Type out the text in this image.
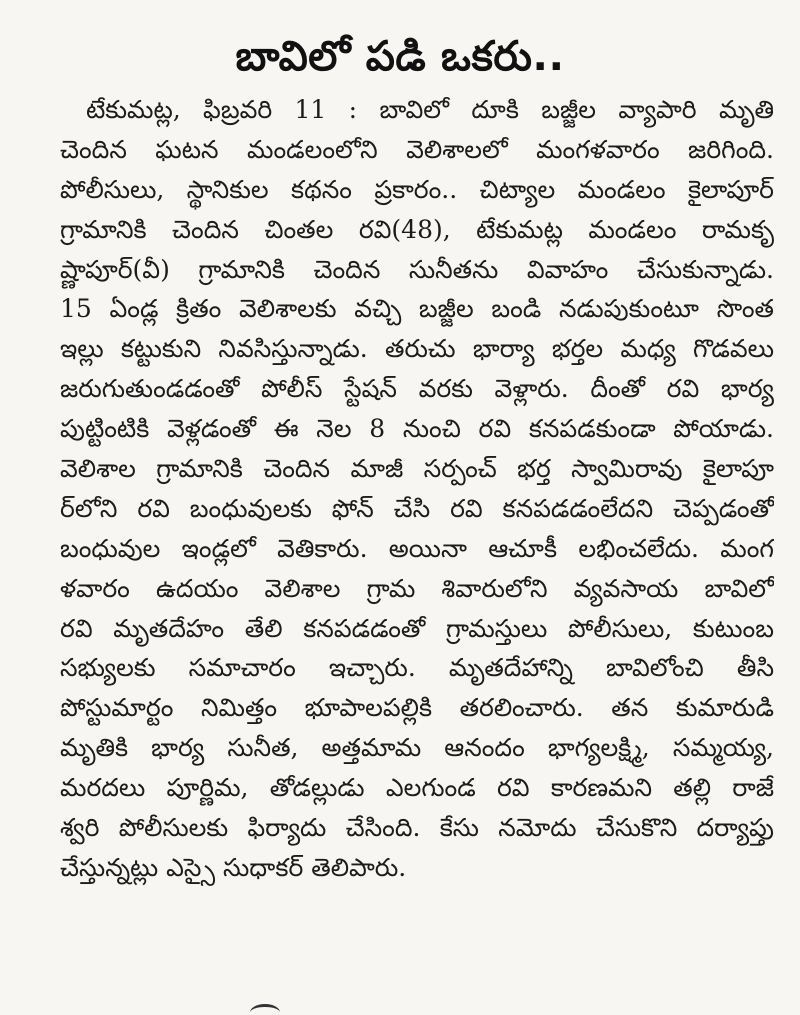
బావిలో పడి ఒకరు..
టేకుమట్ల, ఫిబ్రవరి 11 : బావిలో దూకి బజ్జీల వ్యాపారి మృతి
చెందిన ఘటన మండలంలోని వెలిశాలలో మంగళవారం జరిగింది.
పోలీసులు, స్థానికుల కథనం ప్రకారం.. చిట్యాల మండలం కైలాపూర్
గ్రామానికి చెందిన చింతల రవి(48), టేకుమట్ల మండలం రామకృ
ష్ణాపూర్(వీ) గ్రామానికి చెందిన సునీతను వివాహం చేసుకున్నాడు.
15 ఏండ్ల క్రితం వెలిశాలకు వచ్చి బజ్జీల బండి నడుపుకుంటూ సొంత
ఇల్లు కట్టుకుని నివసిస్తున్నాడు. తరుచు భార్యా భర్తల మధ్య గొడవలు
జరుగుతుండడంతో పోలీస్ స్టేషన్ వరకు వెళ్లారు. దీంతో రవి భార్య
పుట్టింటికి వెళ్లడంతో ఈ నెల 8 నుంచి రవి కనపడకుండా పోయాడు.
వెలిశాల గ్రామానికి చెందిన మాజీ సర్పంచ్ భర్త స్వామిరావు కైలాపూ
ర్‌లోని రవి బంధువులకు ఫోన్ చేసి రవి కనపడడంలేదని చెప్పడంతో
బంధువుల ఇండ్లలో వెతికారు. అయినా ఆచూకీ లభించలేదు. మంగ
ళవారం ఉదయం వెలిశాల గ్రామ శివారులోని వ్యవసాయ బావిలో
రవి మృతదేహం తేలి కనపడడంతో గ్రామస్తులు పోలీసులు, కుటుంబ
సభ్యులకు సమాచారం ఇచ్చారు. మృతదేహాన్ని బావిలోంచి తీసి
పోస్టుమార్టం నిమిత్తం భూపాలపల్లికి తరలించారు. తన కుమారుడి
మృతికి భార్య సునీత, అత్తమామ ఆనందం భాగ్యలక్ష్మి, సమ్మయ్య,
మరదలు పూర్ణిమ, తోడల్లుడు ఎలగుండ రవి కారణమని తల్లి రాజే
శ్వరి పోలీసులకు ఫిర్యాదు చేసింది. కేసు నమోదు చేసుకొని దర్యాప్తు
చేస్తున్నట్లు ఎస్సై సుధాకర్ తెలిపారు.
